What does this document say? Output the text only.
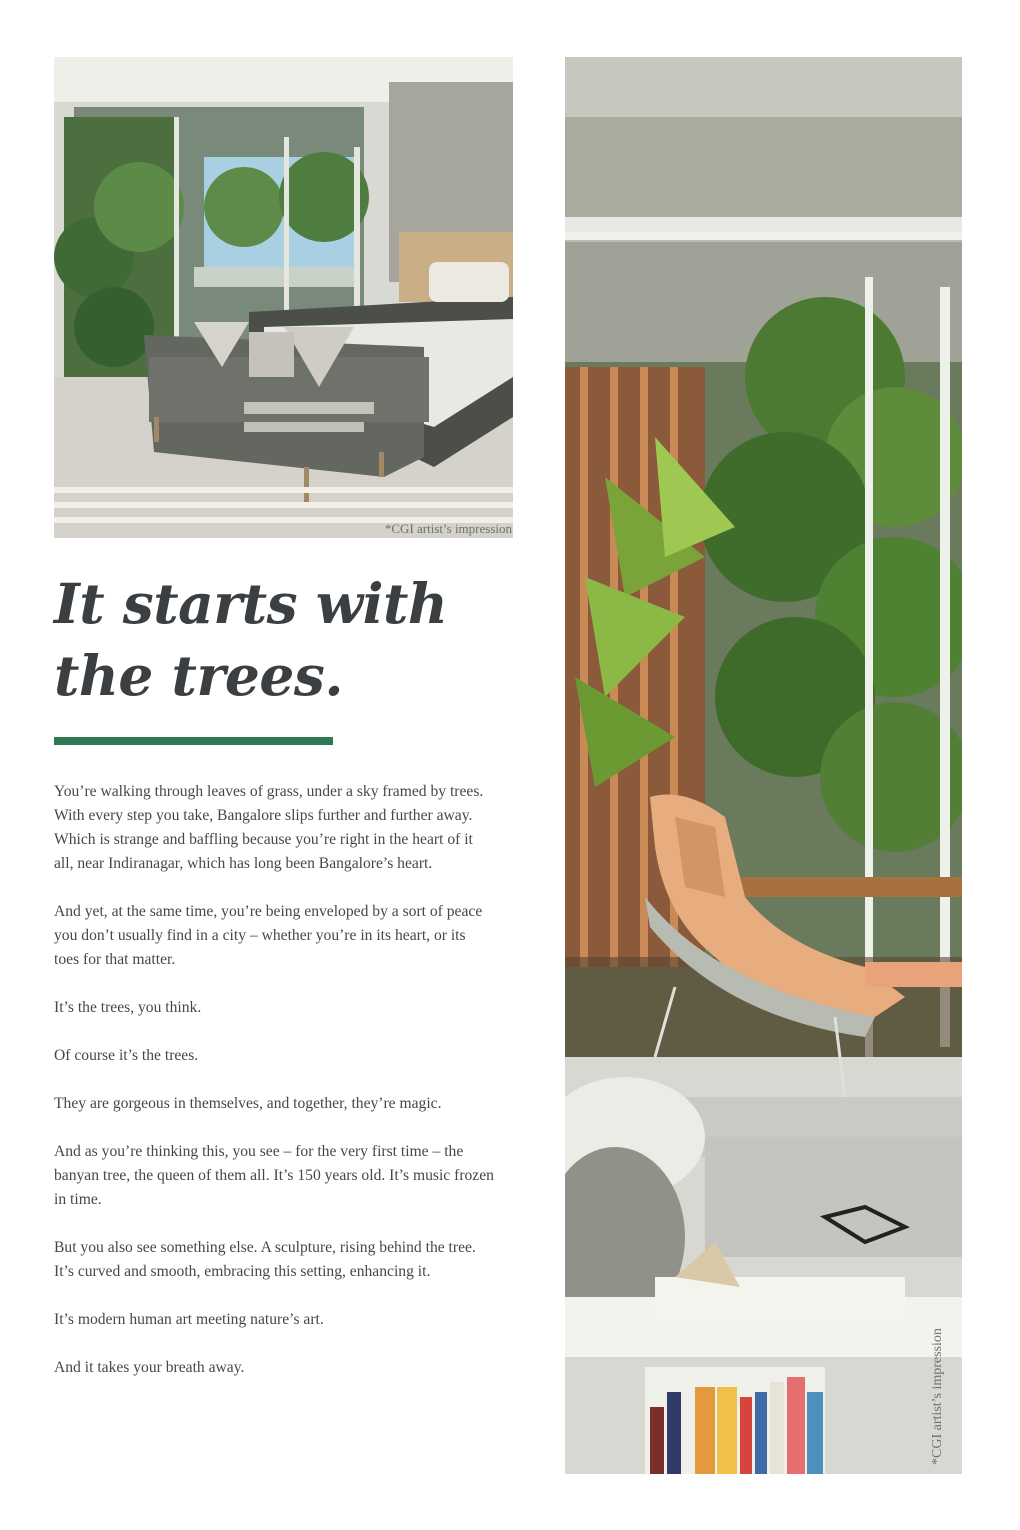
*CGI artist’s impression
*CGI artist’s impression
It starts with
the trees.

You’re walking through leaves of grass, under a sky framed by trees. With every step you take, Bangalore slips further and further away. Which is strange and baffling because you’re right in the heart of it all, near Indiranagar, which has long been Bangalore’s heart.

And yet, at the same time, you’re being enveloped by a sort of peace you don’t usually find in a city – whether you’re in its heart, or its toes for that matter.

It’s the trees, you think.

Of course it’s the trees.

They are gorgeous in themselves, and together, they’re magic.

And as you’re thinking this, you see – for the very first time – the banyan tree, the queen of them all. It’s 150 years old. It’s music frozen in time.

But you also see something else. A sculpture, rising behind the tree. It’s curved and smooth, embracing this setting, enhancing it.

It’s modern human art meeting nature’s art.

And it takes your breath away.
